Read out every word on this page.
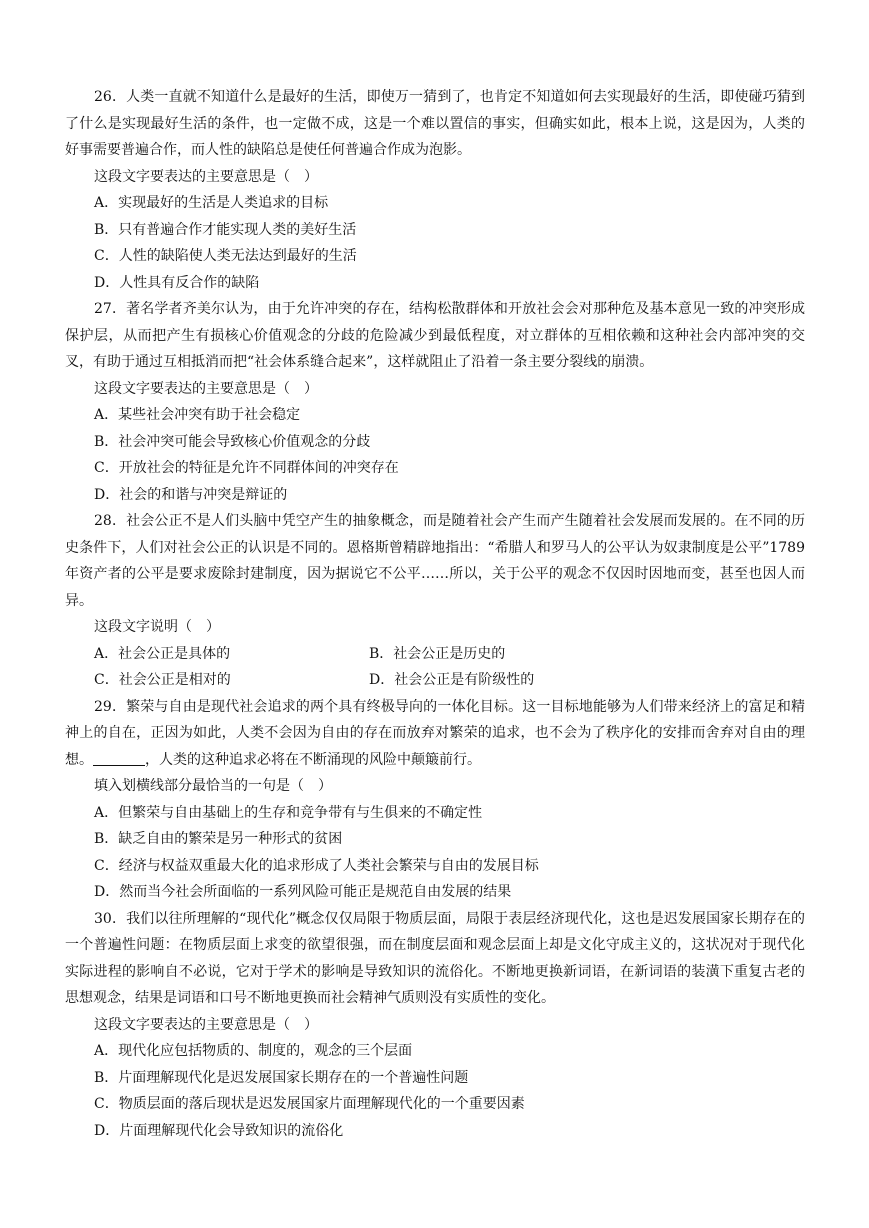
26．人类一直就不知道什么是最好的生活，即使万一猜到了，也肯定不知道如何去实现最好的生活，即使碰巧猜到了什么是实现最好生活的条件，也一定做不成，这是一个难以置信的事实，但确实如此，根本上说，这是因为，人类的好事需要普遍合作，而人性的缺陷总是使任何普遍合作成为泡影。

这段文字要表达的主要意思是（　）

A．实现最好的生活是人类追求的目标

B．只有普遍合作才能实现人类的美好生活

C．人性的缺陷使人类无法达到最好的生活

D．人性具有反合作的缺陷

27．著名学者齐美尔认为，由于允许冲突的存在，结构松散群体和开放社会会对那种危及基本意见一致的冲突形成保护层，从而把产生有损核心价值观念的分歧的危险减少到最低程度，对立群体的互相依赖和这种社会内部冲突的交叉，有助于通过互相抵消而把“社会体系缝合起来”，这样就阻止了沿着一条主要分裂线的崩溃。

这段文字要表达的主要意思是（　）

A．某些社会冲突有助于社会稳定

B．社会冲突可能会导致核心价值观念的分歧

C．开放社会的特征是允许不同群体间的冲突存在

D．社会的和谐与冲突是辩证的

28．社会公正不是人们头脑中凭空产生的抽象概念，而是随着社会产生而产生随着社会发展而发展的。在不同的历史条件下，人们对社会公正的认识是不同的。恩格斯曾精辟地指出：“希腊人和罗马人的公平认为奴隶制度是公平”1789年资产者的公平是要求废除封建制度，因为据说它不公平……所以，关于公平的观念不仅因时因地而变，甚至也因人而异。

这段文字说明（　）

A．社会公正是具体的	B．社会公正是历史的
C．社会公正是相对的	D．社会公正是有阶级性的

29．繁荣与自由是现代社会追求的两个具有终极导向的一体化目标。这一目标地能够为人们带来经济上的富足和精神上的自在，正因为如此，人类不会因为自由的存在而放弃对繁荣的追求，也不会为了秩序化的安排而舍弃对自由的理想。	，人类的这种追求必将在不断涌现的风险中颠簸前行。

填入划横线部分最恰当的一句是（　）

A．但繁荣与自由基础上的生存和竞争带有与生俱来的不确定性

B．缺乏自由的繁荣是另一种形式的贫困

C．经济与权益双重最大化的追求形成了人类社会繁荣与自由的发展目标

D．然而当今社会所面临的一系列风险可能正是规范自由发展的结果

30．我们以往所理解的“现代化”概念仅仅局限于物质层面，局限于表层经济现代化，这也是迟发展国家长期存在的一个普遍性问题：在物质层面上求变的欲望很强，而在制度层面和观念层面上却是文化守成主义的，这状况对于现代化实际进程的影响自不必说，它对于学术的影响是导致知识的流俗化。不断地更换新词语，在新词语的装潢下重复古老的思想观念，结果是词语和口号不断地更换而社会精神气质则没有实质性的变化。

这段文字要表达的主要意思是（　）

A．现代化应包括物质的、制度的，观念的三个层面

B．片面理解现代化是迟发展国家长期存在的一个普遍性问题

C．物质层面的落后现状是迟发展国家片面理解现代化的一个重要因素

D．片面理解现代化会导致知识的流俗化
